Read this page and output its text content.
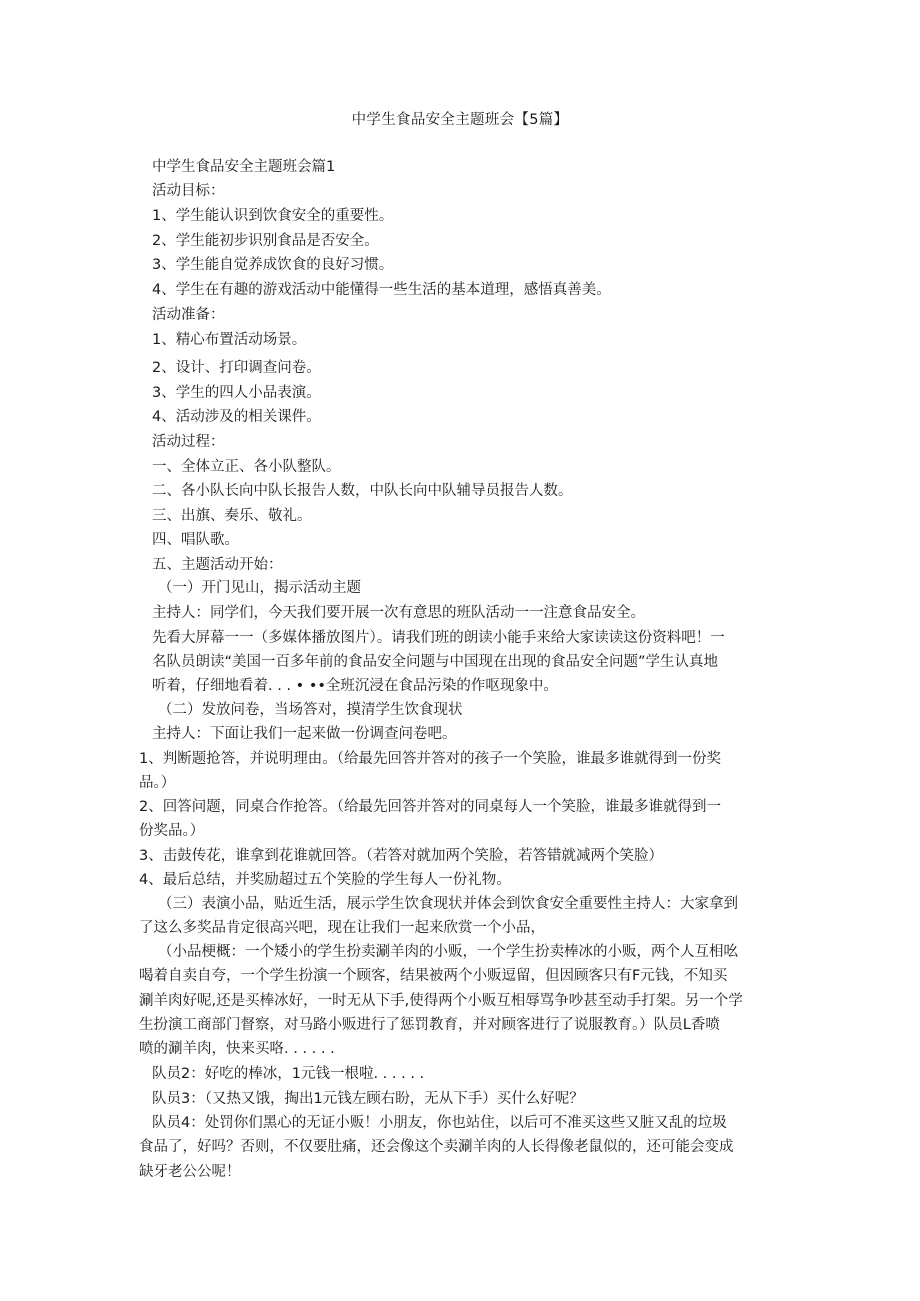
中学生食品安全主题班会【5篇】
中学生食品安全主题班会篇1
活动目标：
1、学生能认识到饮食安全的重要性。
2、学生能初步识别食品是否安全。
3、学生能自觉养成饮食的良好习惯。
4、学生在有趣的游戏活动中能懂得一些生活的基本道理，感悟真善美。
活动准备：
1、精心布置活动场景。
2、设计、打印调查问卷。
3、学生的四人小品表演。
4、活动涉及的相关课件。
活动过程：
一、全体立正、各小队整队。
二、各小队长向中队长报告人数，中队长向中队辅导员报告人数。
三、出旗、奏乐、敬礼。
四、唱队歌。
五、主题活动开始：
（一）开门见山，揭示活动主题
主持人：同学们，今天我们要开展一次有意思的班队活动一一注意食品安全。
先看大屏幕一一（多媒体播放图片）。请我们班的朗读小能手来给大家读读这份资料吧！一
名队员朗读“美国一百多年前的食品安全问题与中国现在出现的食品安全问题”学生认真地
听着，仔细地看着. . . • ••全班沉浸在食品污染的作呕现象中。
（二）发放问卷，当场答对，摸清学生饮食现状
主持人：下面让我们一起来做一份调查问卷吧。
1、判断题抢答，并说明理由。（给最先回答并答对的孩子一个笑脸，谁最多谁就得到一份奖
品。）
2、回答问题，同桌合作抢答。（给最先回答并答对的同桌每人一个笑脸，谁最多谁就得到一
份奖品。）
3、击鼓传花，谁拿到花谁就回答。（若答对就加两个笑脸，若答错就减两个笑脸）
4、最后总结，并奖励超过五个笑脸的学生每人一份礼物。
（三）表演小品，贴近生活，展示学生饮食现状并体会到饮食安全重要性主持人：大家拿到
了这么多奖品肯定很高兴吧，现在让我们一起来欣赏一个小品，
（小品梗概：一个矮小的学生扮卖涮羊肉的小贩，一个学生扮卖棒冰的小贩，两个人互相吆
喝着自卖自夸，一个学生扮演一个顾客，结果被两个小贩逗留，但因顾客只有F元钱，不知买
涮羊肉好呢,还是买棒冰好，一时无从下手,使得两个小贩互相辱骂争吵甚至动手打架。另一个学
生扮演工商部门督察，对马路小贩进行了惩罚教育，并对顾客进行了说服教育。）队员L香喷
喷的涮羊肉，快来买咯. . . . . .
队员2：好吃的棒冰，1元钱一根啦. . . . . .
队员3：（又热又饿，掏出1元钱左顾右盼，无从下手）买什么好呢？
队员4：处罚你们黑心的无证小贩！小朋友，你也站住，以后可不准买这些又脏又乱的垃圾
食品了，好吗？否则，不仅要肚痛，还会像这个卖涮羊肉的人长得像老鼠似的，还可能会变成
缺牙老公公呢！
